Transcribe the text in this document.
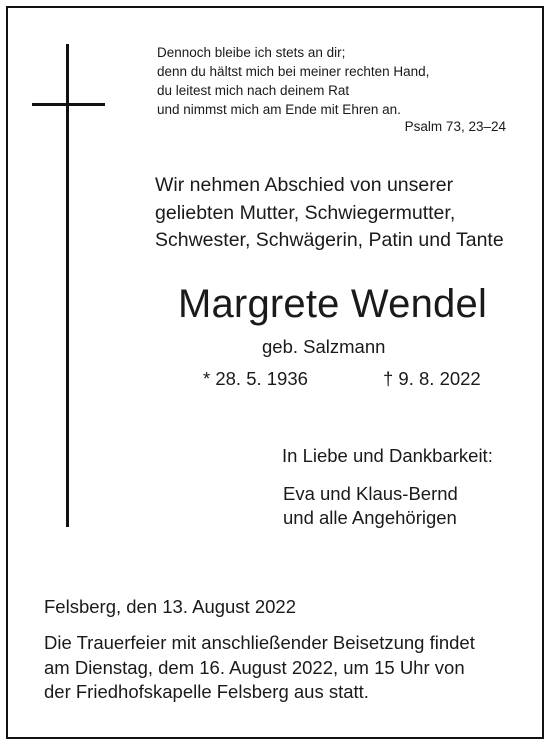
Dennoch bleibe ich stets an dir;
denn du hältst mich bei meiner rechten Hand,
du leitest mich nach deinem Rat
und nimmst mich am Ende mit Ehren an.
Psalm 73, 23–24
Wir nehmen Abschied von unserer
geliebten Mutter, Schwiegermutter,
Schwester, Schwägerin, Patin und Tante
Margrete Wendel
geb. Salzmann
* 28. 5. 1936	† 9. 8. 2022
In Liebe und Dankbarkeit:
Eva und Klaus-Bernd
und alle Angehörigen
Felsberg, den 13. August 2022
Die Trauerfeier mit anschließender Beisetzung findet
am Dienstag, dem 16. August 2022, um 15 Uhr von
der Friedhofskapelle Felsberg aus statt.
